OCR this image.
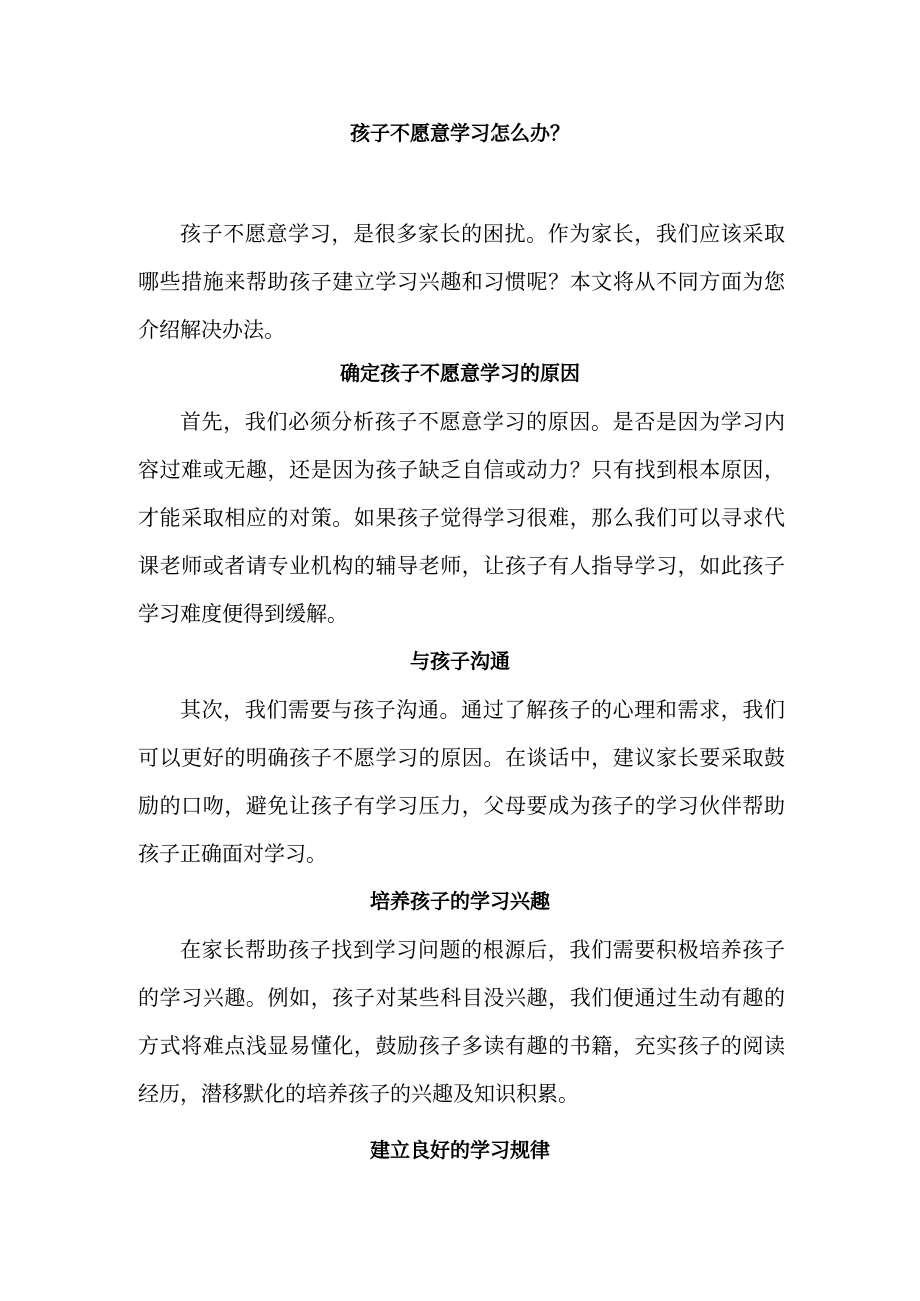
孩子不愿意学习怎么办？

孩子不愿意学习，是很多家长的困扰。作为家长，我们应该采取哪些措施来帮助孩子建立学习兴趣和习惯呢？本文将从不同方面为您介绍解决办法。

确定孩子不愿意学习的原因

首先，我们必须分析孩子不愿意学习的原因。是否是因为学习内容过难或无趣，还是因为孩子缺乏自信或动力？只有找到根本原因，才能采取相应的对策。如果孩子觉得学习很难，那么我们可以寻求代课老师或者请专业机构的辅导老师，让孩子有人指导学习，如此孩子学习难度便得到缓解。

与孩子沟通

其次，我们需要与孩子沟通。通过了解孩子的心理和需求，我们可以更好的明确孩子不愿学习的原因。在谈话中，建议家长要采取鼓励的口吻，避免让孩子有学习压力，父母要成为孩子的学习伙伴帮助孩子正确面对学习。

培养孩子的学习兴趣

在家长帮助孩子找到学习问题的根源后，我们需要积极培养孩子的学习兴趣。例如，孩子对某些科目没兴趣，我们便通过生动有趣的方式将难点浅显易懂化，鼓励孩子多读有趣的书籍，充实孩子的阅读经历，潜移默化的培养孩子的兴趣及知识积累。

建立良好的学习规律
